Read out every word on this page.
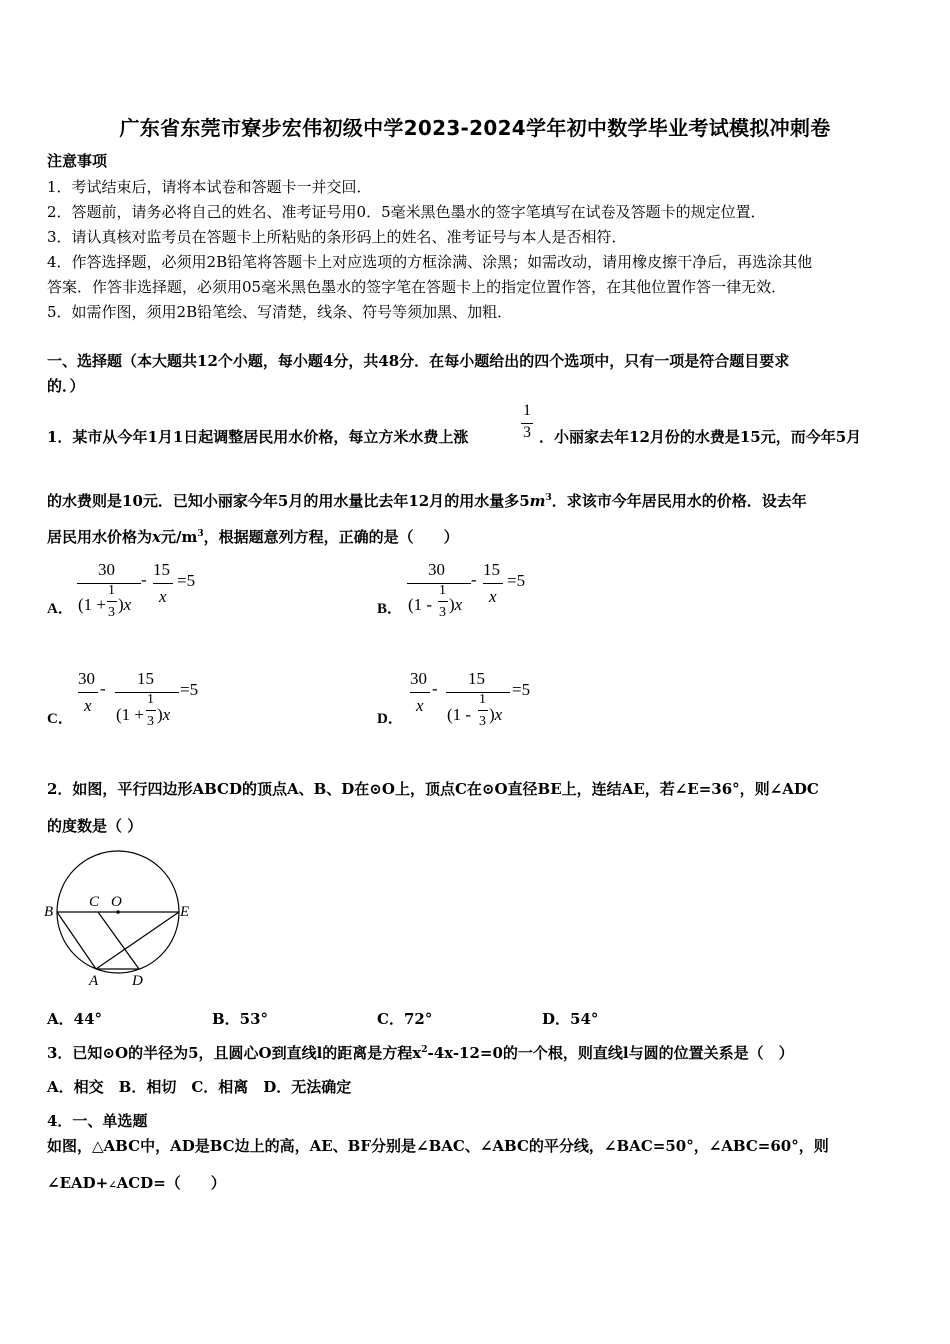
广东省东莞市寮步宏伟初级中学2023-2024学年初中数学毕业考试模拟冲刺卷
注意事项
1．考试结束后，请将本试卷和答题卡一并交回．
2．答题前，请务必将自己的姓名、准考证号用0．5毫米黑色墨水的签字笔填写在试卷及答题卡的规定位置．
3．请认真核对监考员在答题卡上所粘贴的条形码上的姓名、准考证号与本人是否相符．
4．作答选择题，必须用2B铅笔将答题卡上对应选项的方框涂满、涂黑；如需改动，请用橡皮擦干净后，再选涂其他
答案．作答非选择题，必须用05毫米黑色墨水的签字笔在答题卡上的指定位置作答，在其他位置作答一律无效．
5．如需作图，须用2B铅笔绘、写清楚，线条、符号等须加黑、加粗．
一、选择题（本大题共12个小题，每小题4分，共48分．在每小题给出的四个选项中，只有一项是符合题目要求
的．）
1．某市从今年1月1日起调整居民用水价格，每立方米水费上涨
1
3 ．小丽家去年12月份的水费是15元，而今年5月
的水费则是10元．已知小丽家今年5月的用水量比去年12月的用水量多$5m^3$．求该市今年居民用水的价格．设去年
居民用水价格为x元$/m^3$，根据题意列方程，正确的是（　　）
A．
30
(1 +
1
3 )x
-
15
x
=5
B．
30
(1 -
1
3 )x
-
15
x
=5
C．
30
x
-
15
(1 +
1
3 )x
=5
D．
30
x
-
15
(1 -
1
3 )x
=5
2．如图，平行四边形ABCD的顶点A、B、D在⊙O上，顶点C在⊙O直径BE上，连结AE，若∠E=36°，则∠ADC
的度数是（ ）
B
C O
E
A D
A．44°	B．53°	C．72°	D．54°
3．已知⊙O的半径为5，且圆心O到直线l的距离是方程$x^2-4x-12=0$的一个根，则直线l与圆的位置关系是（　）
A．相交　B．相切　C．相离　D．无法确定
4．一、单选题
如图，△ABC中，AD是BC边上的高，AE、BF分别是∠BAC、∠ABC的平分线，∠BAC=50°，∠ABC=60°，则
∠EAD+∠ACD=（　　）
